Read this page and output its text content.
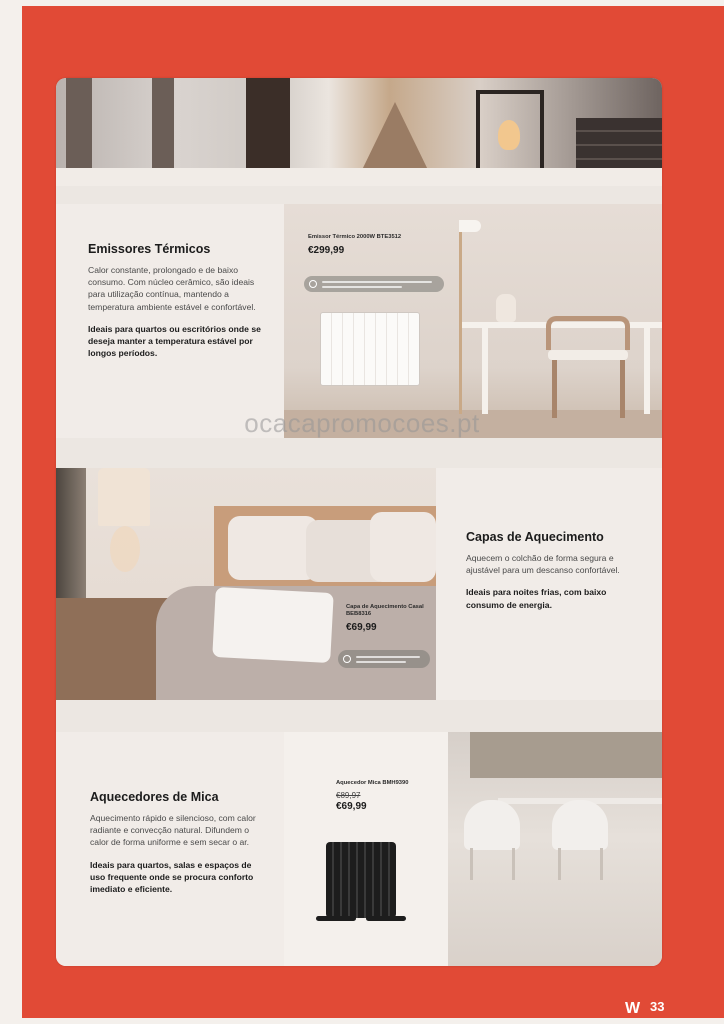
Emissores Térmicos

Calor constante, prolongado e de baixo consumo. Com núcleo cerâmico, são ideais para utilização contínua, mantendo a temperatura ambiente estável e confortável.

Ideais para quartos ou escritórios onde se deseja manter a temperatura estável por longos períodos.

Emissor Térmico 2000W BTE3512

€299,99

ocacapromocoes.pt

Capa de Aquecimento Casal BEB8316

€69,99

Capas de Aquecimento

Aquecem o colchão de forma segura e ajustável para um descanso confortável.

Ideais para noites frias, com baixo consumo de energia.

Aquecedores de Mica

Aquecimento rápido e silencioso, com calor radiante e convecção natural. Difundem o calor de forma uniforme e sem secar o ar.

Ideais para quartos, salas e espaços de uso frequente onde se procura conforto imediato e eficiente.

Aquecedor Mica BMH9390

€89,97

€69,99

W 33
